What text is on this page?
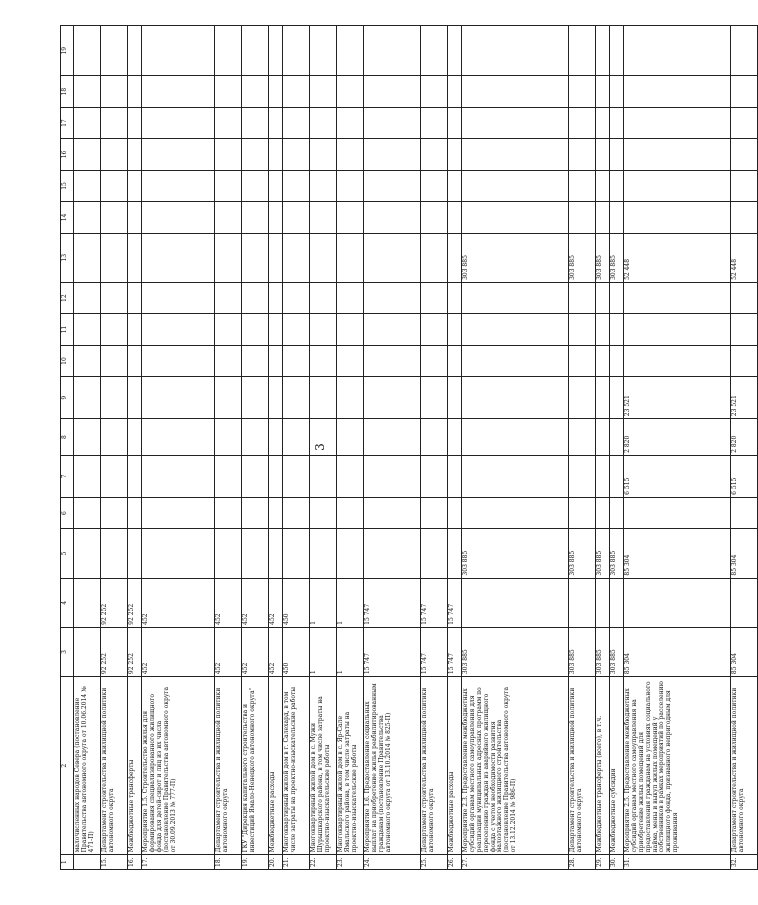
3
1	2	3	4	5	6	7	8	9	10	11	12	13	14	15	16	17	18	19
	малочисленных народов Севера (постановление Правительства автономного округа от 10.06.2014 № 471-П)																	
15.	Департамент строительства и жилищной политики автономного округа	92 252	92 252															
16.	Межбюджетные трансферты	92 252	92 252															
17.	Мероприятие 1.5. Строительство жилья для формирования специализированного жилищного фонда для детей-сирот и лиц из их числа (постановление Правительства автономного округа от 30.09.2013 № 777-П)	452	452															
18.	Департамент строительства и жилищной политики автономного округа	452	452															
19.	ГКУ "Дирекция капитального строительства и инвестиций Ямало-Ненецкого автономного округа"	452	452															
20.	Межбюджетные расходы	452	452															
21.	Многоквартирный жилой дом в г. Салехард, в том числе затраты на проектно-изыскательские работы	450	450															
22.	Многоквартирный жилой дом в с. Мужи Шурышкарского района, в том числе затраты на проектно-изыскательские работы	1	1															
23.	Многоквартирный жилой дом в с. Яр-Сале Ямальского района, в том числе затраты на проектно-изыскательские работы	1	1															
24.	Мероприятие 1.6. Предоставление социальных выплат на приобретение жилья реабилитированным гражданам (постановление Правительства автономного округа от 13.10.2014 № 825-П)	15 747	15 747															
25.	Департамент строительства и жилищной политики автономного округа	15 747	15 747															
26.	Межбюджетные расходы	15 747	15 747															
27.	Мероприятие 2.3. Предоставление межбюджетных субсидий органам местного самоуправления для реализации муниципальных адресных программ по переселению граждан из аварийного жилищного фонда с учетом необходимости развития малоэтажного жилищного строительства (постановление Правительства автономного округа от 13.12.2014 № 986-П)	303 885		303 885								303 885						
28.	Департамент строительства и жилищной политики автономного округа	303 885		303 885								303 885						
29.	Межбюджетные трансферты (всего), в т.ч.	303 885		303 885								303 885						
30.	Межбюджетные субсидии	303 885		303 885								303 885						
31.	Мероприятие 2.5. Предоставление межбюджетных субсидий органам местного самоуправления на приобретение жилых помещений для предоставления гражданам на условиях социального найма, мены и выкуп жилых помещений у собственников в рамках мероприятий по расселению жилищного фонда, признанного непригодным для проживания	85 304		85 304		6 515	2 820	23 521				52 448						
32.	Департамент строительства и жилищной политики автономного округа	85 304		85 304		6 515	2 820	23 521				52 448						
